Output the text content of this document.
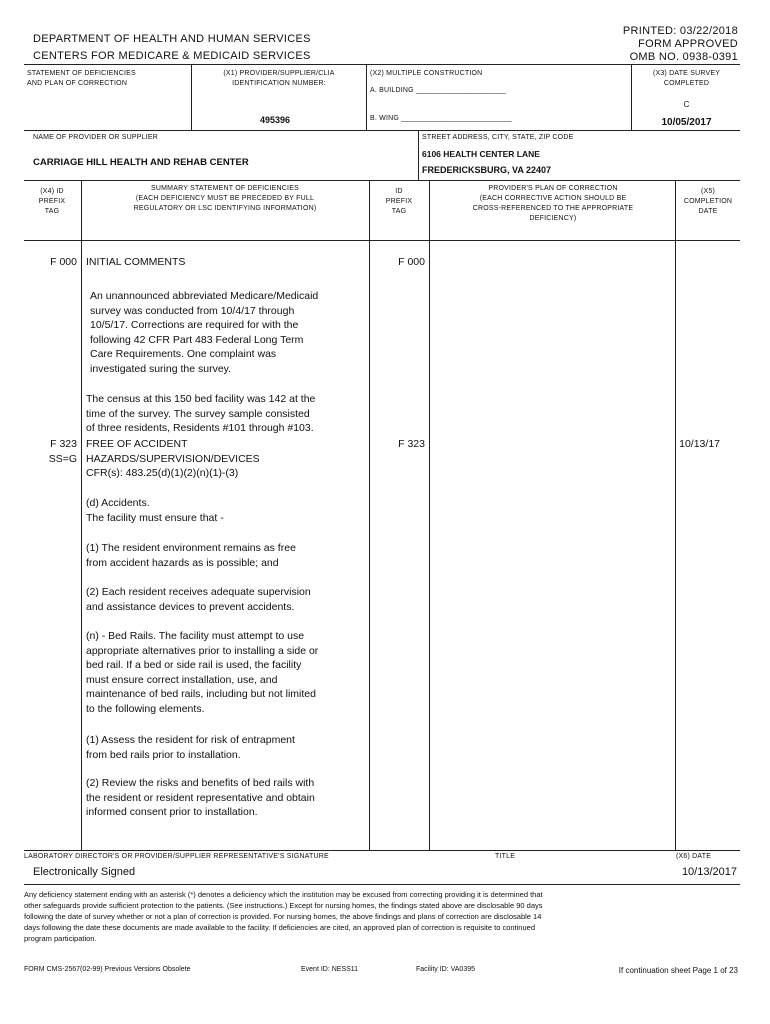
DEPARTMENT OF HEALTH AND HUMAN SERVICES
CENTERS FOR MEDICARE & MEDICAID SERVICES
PRINTED: 03/22/2018
FORM APPROVED
OMB NO. 0938-0391
STATEMENT OF DEFICIENCIES
AND PLAN OF CORRECTION
(X1) PROVIDER/SUPPLIER/CLIA
IDENTIFICATION NUMBER:
495396
(X2) MULTIPLE CONSTRUCTION
A. BUILDING ______________________
B. WING ___________________________
(X3) DATE SURVEY
COMPLETED
C
10/05/2017
NAME OF PROVIDER OR SUPPLIER
CARRIAGE HILL HEALTH AND REHAB CENTER
STREET ADDRESS, CITY, STATE, ZIP CODE
6106 HEALTH CENTER LANE
FREDERICKSBURG, VA 22407
(X4) ID
PREFIX
TAG
SUMMARY STATEMENT OF DEFICIENCIES
(EACH DEFICIENCY MUST BE PRECEDED BY FULL
REGULATORY OR LSC IDENTIFYING INFORMATION)
ID
PREFIX
TAG
PROVIDER'S PLAN OF CORRECTION
(EACH CORRECTIVE ACTION SHOULD BE
CROSS-REFERENCED TO THE APPROPRIATE
DEFICIENCY)
(X5)
COMPLETION
DATE
F 000 INITIAL COMMENTS	F 000
An unannounced abbreviated Medicare/Medicaid
survey was conducted from 10/4/17 through
10/5/17. Corrections are required for with the
following 42 CFR Part 483 Federal Long Term
Care Requirements. One complaint was
investigated suring the survey.
The census at this 150 bed facility was 142 at the
time of the survey. The survey sample consisted
of three residents, Residents #101 through #103.
F 323
SS=G
FREE OF ACCIDENT
HAZARDS/SUPERVISION/DEVICES
CFR(s): 483.25(d)(1)(2)(n)(1)-(3)
F 323	10/13/17
(d) Accidents.
The facility must ensure that -
(1) The resident environment remains as free
from accident hazards as is possible; and
(2) Each resident receives adequate supervision
and assistance devices to prevent accidents.
(n) - Bed Rails. The facility must attempt to use
appropriate alternatives prior to installing a side or
bed rail. If a bed or side rail is used, the facility
must ensure correct installation, use, and
maintenance of bed rails, including but not limited
to the following elements.
(1) Assess the resident for risk of entrapment
from bed rails prior to installation.
(2) Review the risks and benefits of bed rails with
the resident or resident representative and obtain
informed consent prior to installation.
LABORATORY DIRECTOR'S OR PROVIDER/SUPPLIER REPRESENTATIVE'S SIGNATURE	TITLE	(X6) DATE
Electronically Signed	10/13/2017
Any deficiency statement ending with an asterisk (*) denotes a deficiency which the institution may be excused from correcting providing it is determined that
other safeguards provide sufficient protection to the patients. (See instructions.) Except for nursing homes, the findings stated above are disclosable 90 days
following the date of survey whether or not a plan of correction is provided. For nursing homes, the above findings and plans of correction are disclosable 14
days following the date these documents are made available to the facility. If deficiencies are cited, an approved plan of correction is requisite to continued
program participation.
FORM CMS-2567(02-99) Previous Versions Obsolete	Event ID: NESS11	Facility ID: VA0395	If continuation sheet Page 1 of 23
